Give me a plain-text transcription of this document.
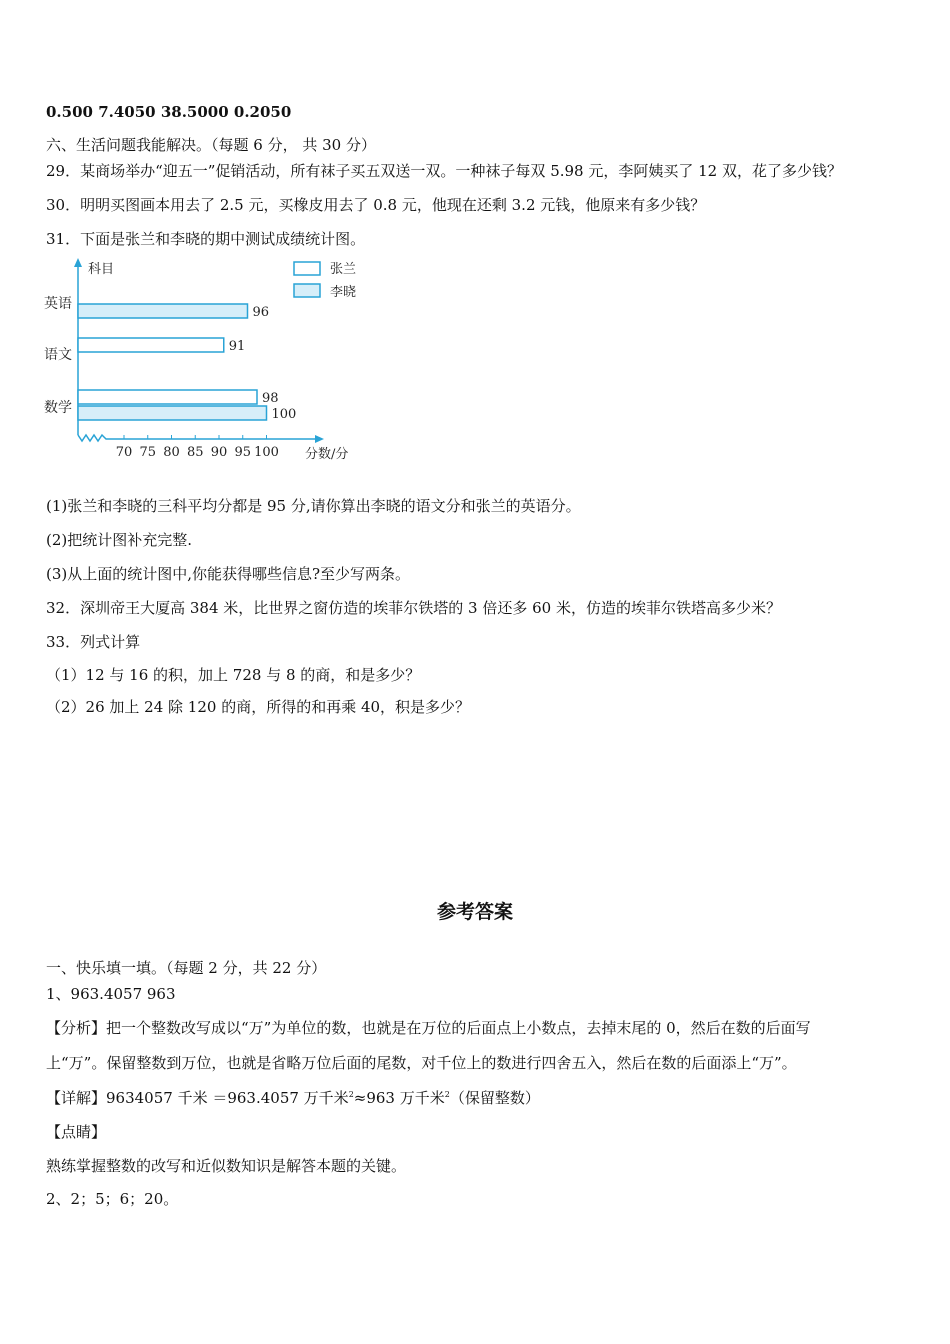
0.500 7.4050 38.5000 0.2050
六、生活问题我能解决。（每题 6 分， 共 30 分）
29．某商场举办“迎五一”促销活动，所有袜子买五双送一双。一种袜子每双 5.98 元，李阿姨买了 12 双，花了多少钱？
30．明明买图画本用去了 2.5 元，买橡皮用去了 0.8 元，他现在还剩 3.2 元钱，他原来有多少钱？
31．下面是张兰和李晓的期中测试成绩统计图。
70 75 80 85 90 95 100
科目
分数/分
英语
语文
数学
96
91
98
100
张兰
李晓
(1)张兰和李晓的三科平均分都是 95 分,请你算出李晓的语文分和张兰的英语分。
(2)把统计图补充完整.
(3)从上面的统计图中,你能获得哪些信息?至少写两条。
32．深圳帝王大厦高 384 米，比世界之窗仿造的埃菲尔铁塔的 3 倍还多 60 米，仿造的埃菲尔铁塔高多少米？
33．列式计算
（1）12 与 16 的积，加上 728 与 8 的商，和是多少？
（2）26 加上 24 除 120 的商，所得的和再乘 40，积是多少？
参考答案
一、快乐填一填。（每题 2 分，共 22 分）
1、963.4057 963
【分析】把一个整数改写成以“万”为单位的数，也就是在万位的后面点上小数点，去掉末尾的 0，然后在数的后面写
上“万”。保留整数到万位，也就是省略万位后面的尾数，对千位上的数进行四舍五入，然后在数的后面添上“万”。
【详解】9634057 千米 ＝963.4057 万千米$^2$≈963 万千米$^2$（保留整数）
【点睛】
熟练掌握整数的改写和近似数知识是解答本题的关键。
2、2；5；6；20。
